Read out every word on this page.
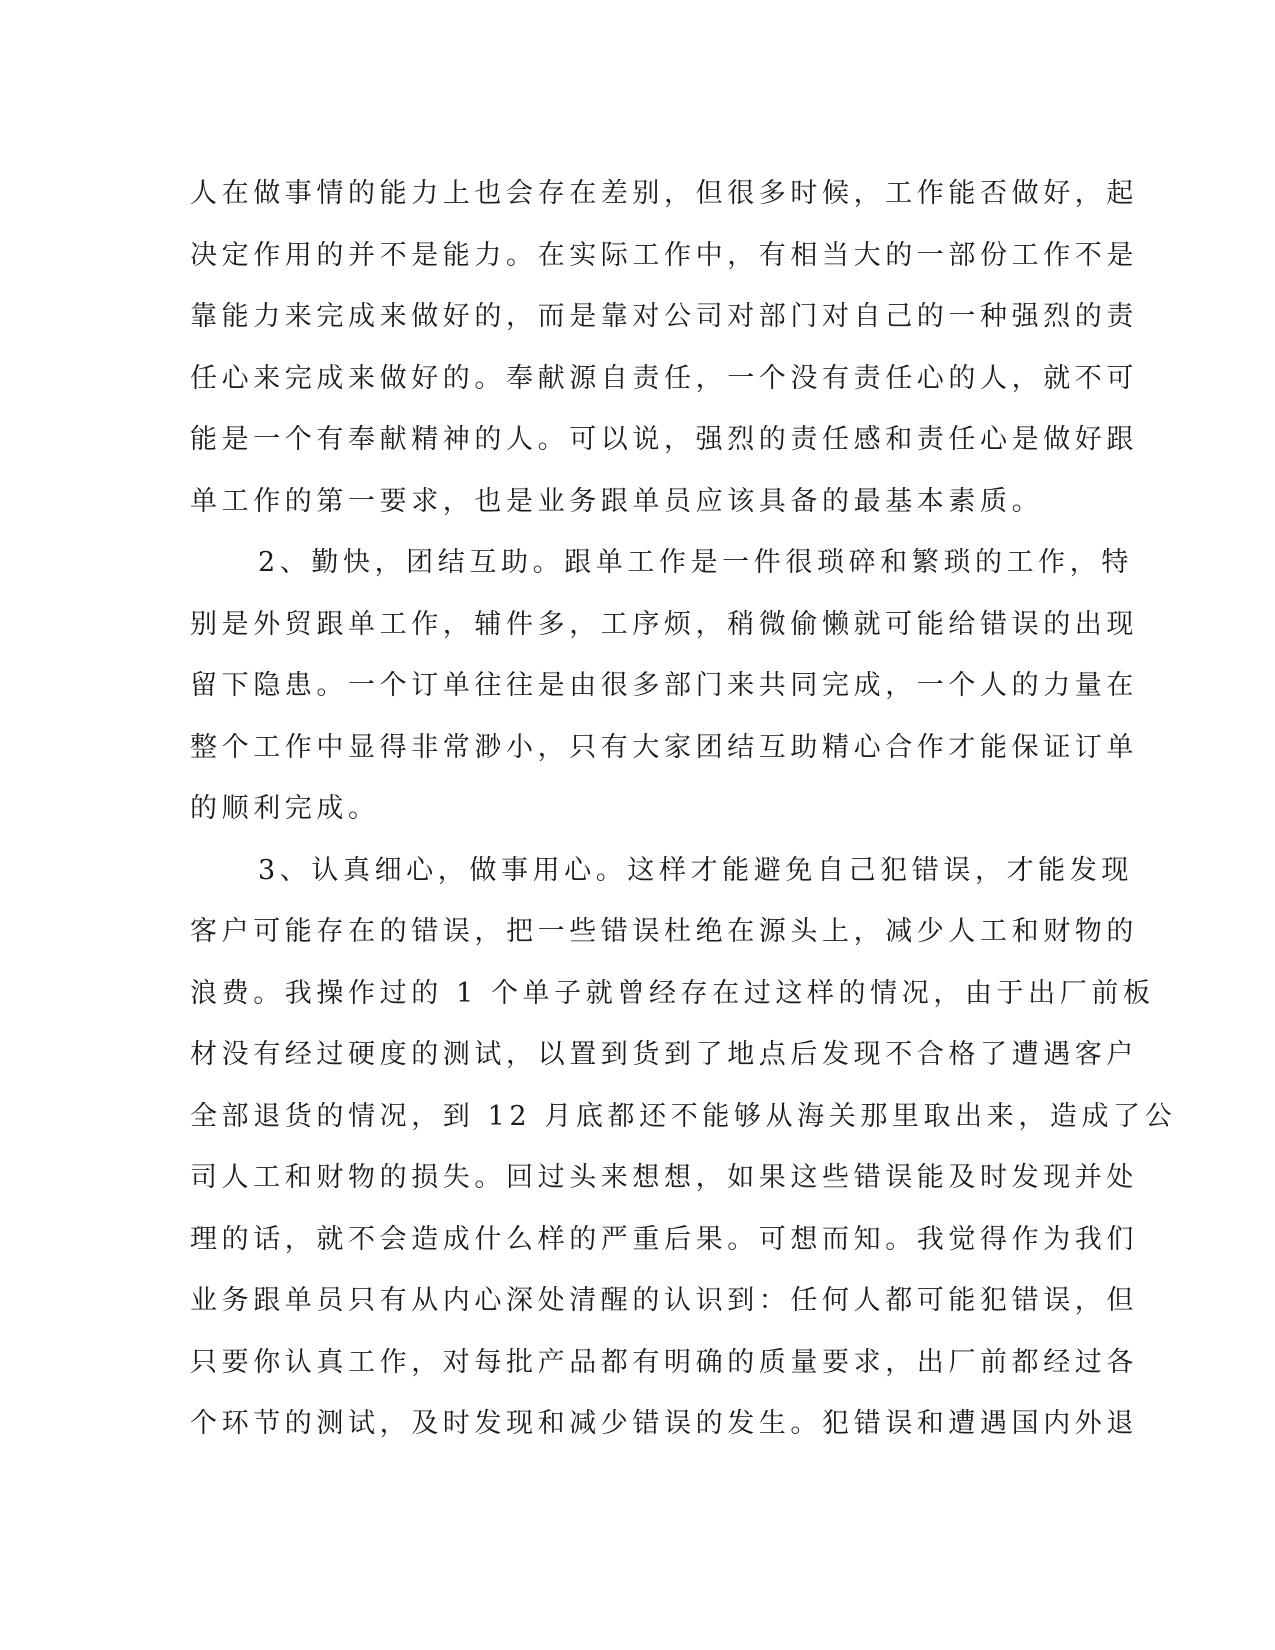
人在做事情的能力上也会存在差别，但很多时候，工作能否做好，起
决定作用的并不是能力。在实际工作中，有相当大的一部份工作不是
靠能力来完成来做好的，而是靠对公司对部门对自己的一种强烈的责
任心来完成来做好的。奉献源自责任，一个没有责任心的人，就不可
能是一个有奉献精神的人。可以说，强烈的责任感和责任心是做好跟
单工作的第一要求，也是业务跟单员应该具备的最基本素质。
2、勤快，团结互助。跟单工作是一件很琐碎和繁琐的工作，特
别是外贸跟单工作，辅件多，工序烦，稍微偷懒就可能给错误的出现
留下隐患。一个订单往往是由很多部门来共同完成，一个人的力量在
整个工作中显得非常渺小，只有大家团结互助精心合作才能保证订单
的顺利完成。
3、认真细心，做事用心。这样才能避免自己犯错误，才能发现
客户可能存在的错误，把一些错误杜绝在源头上，减少人工和财物的
浪费。我操作过的 1 个单子就曾经存在过这样的情况，由于出厂前板
材没有经过硬度的测试，以置到货到了地点后发现不合格了遭遇客户
全部退货的情况，到 12 月底都还不能够从海关那里取出来，造成了公
司人工和财物的损失。回过头来想想，如果这些错误能及时发现并处
理的话，就不会造成什么样的严重后果。可想而知。我觉得作为我们
业务跟单员只有从内心深处清醒的认识到：任何人都可能犯错误，但
只要你认真工作，对每批产品都有明确的质量要求，出厂前都经过各
个环节的测试，及时发现和减少错误的发生。犯错误和遭遇国内外退
